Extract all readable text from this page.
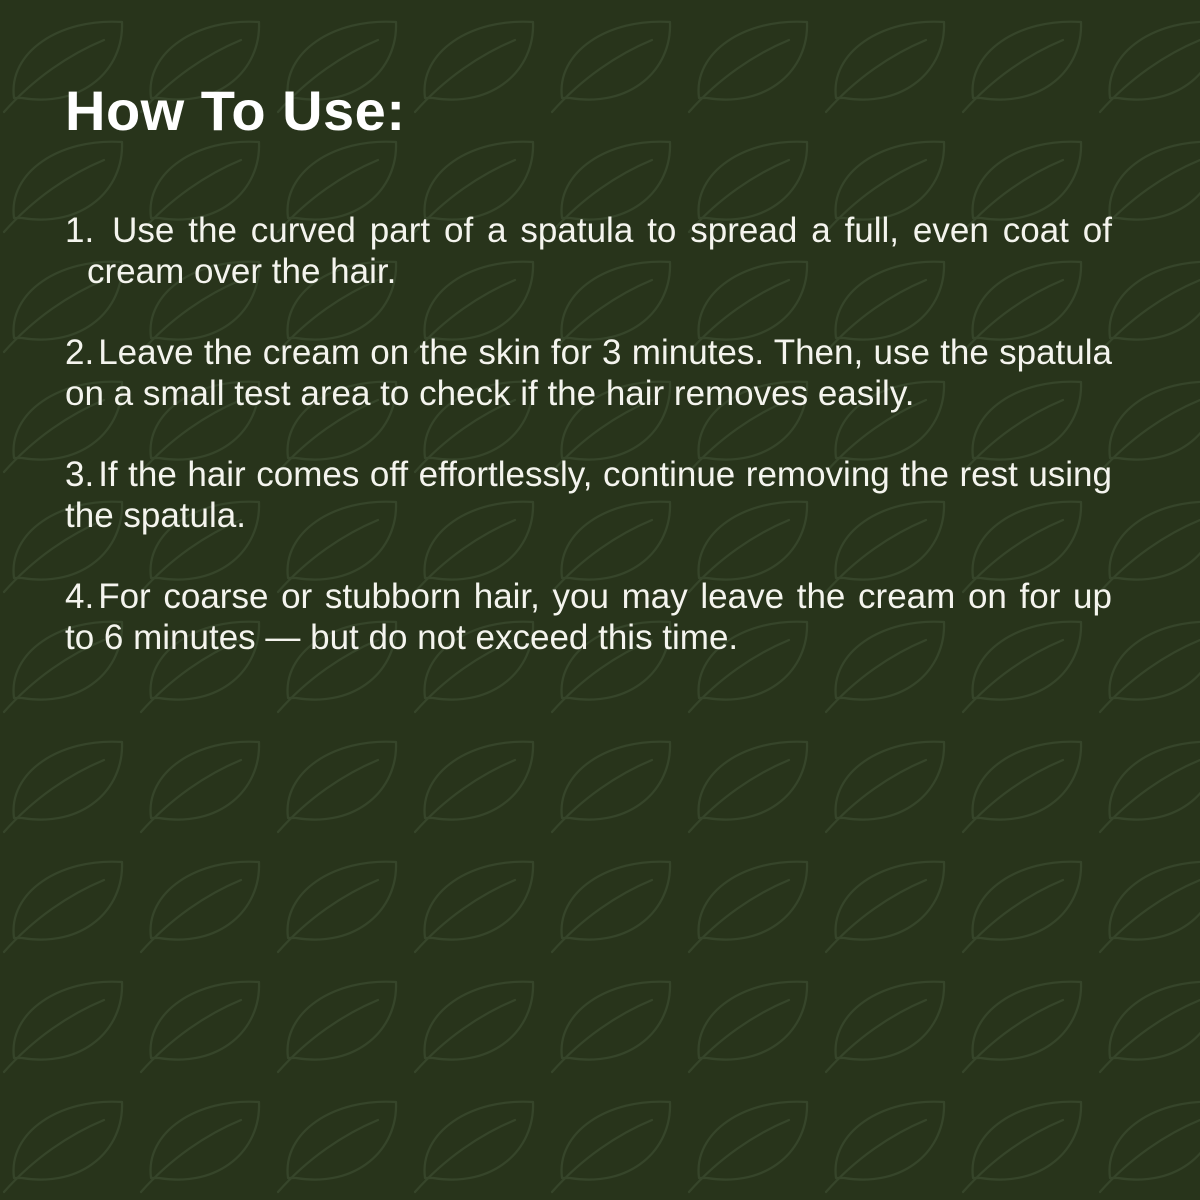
How To Use:

1. Use the curved part of a spatula to spread a full, even coat of cream over the hair.

2. Leave the cream on the skin for 3 minutes. Then, use the spatula on a small test area to check if the hair removes easily.

3. If the hair comes off effortlessly, continue removing the rest using the spatula.

4. For coarse or stubborn hair, you may leave the cream on for up to 6 minutes — but do not exceed this time.
